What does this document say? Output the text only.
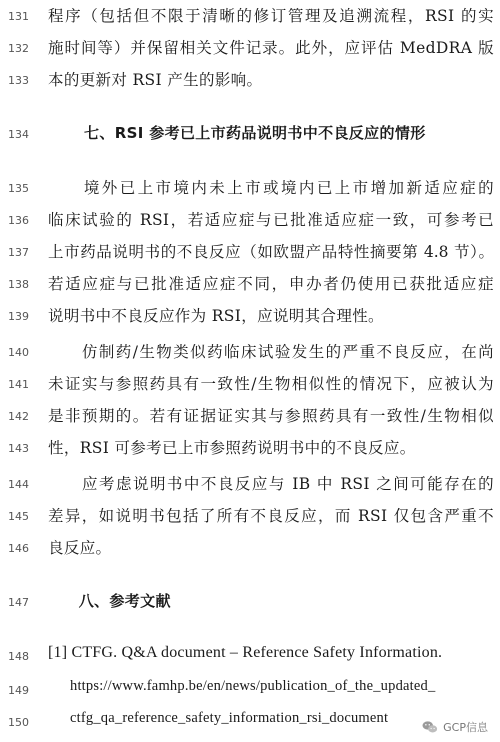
131	程序（包括但不限于清晰的修订管理及追溯流程，RSI 的实
132	施时间等）并保留相关文件记录。此外，应评估 MedDRA 版
133	本的更新对 RSI 产生的影响。
134	七、RSI 参考已上市药品说明书中不良反应的情形
135	　　境外已上市境内未上市或境内已上市增加新适应症的
136	临床试验的 RSI，若适应症与已批准适应症一致，可参考已
137	上市药品说明书的不良反应（如欧盟产品特性摘要第 4.8 节）。
138	若适应症与已批准适应症不同，申办者仍使用已获批适应症
139	说明书中不良反应作为 RSI，应说明其合理性。
140	　　仿制药/生物类似药临床试验发生的严重不良反应，在尚
141	未证实与参照药具有一致性/生物相似性的情况下，应被认为
142	是非预期的。若有证据证实其与参照药具有一致性/生物相似
143	性，RSI 可参考已上市参照药说明书中的不良反应。
144	　　应考虑说明书中不良反应与 IB 中 RSI 之间可能存在的
145	差异，如说明书包括了所有不良反应，而 RSI 仅包含严重不
146	良反应。
147	　　八、参考文献
148	[1] CTFG. Q&A document – Reference Safety Information.
149	https://www.famhp.be/en/news/publication_of_the_updated_
150	ctfg_qa_reference_safety_information_rsi_document
GCP信息
